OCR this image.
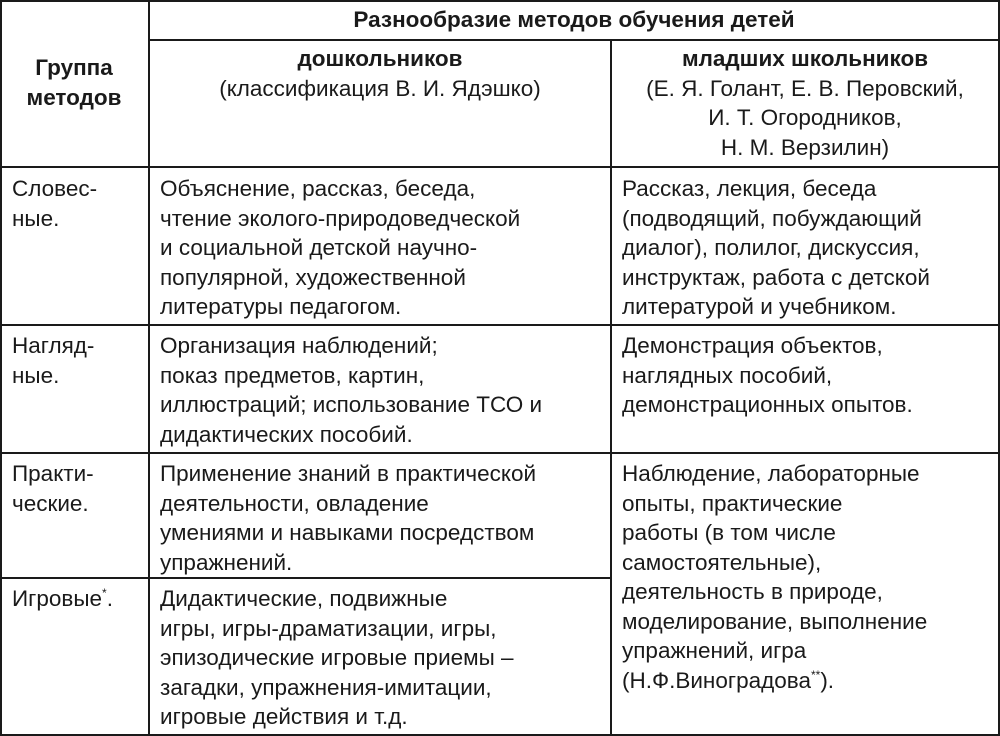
Группа
методов
Разнообразие методов обучения детей
дошкольников
(классификация В. И. Ядэшко)
младших школьников
(Е. Я. Голант, Е. В. Перовский,
И. Т. Огородников,
Н. М. Верзилин)
Словес-
ные.
Объяснение, рассказ, беседа,
чтение эколого-природоведческой
и социальной детской научно-
популярной, художественной
литературы педагогом.
Рассказ, лекция, беседа
(подводящий, побуждающий
диалог), полилог, дискуссия,
инструктаж, работа с детской
литературой и учебником.
Нагляд-
ные.
Организация наблюдений;
показ предметов, картин,
иллюстраций; использование ТСО и
дидактических пособий.
Демонстрация объектов,
наглядных пособий,
демонстрационных опытов.
Практи-
ческие.
Применение знаний в практической
деятельности, овладение
умениями и навыками посредством
упражнений.
Наблюдение, лабораторные
опыты, практические
работы (в том числе
самостоятельные),
деятельность в природе,
моделирование, выполнение
упражнений, игра
(Н.Ф.Виноградова**).
Игровые*. Дидактические, подвижные
игры, игры-драматизации, игры,
эпизодические игровые приемы –
загадки, упражнения-имитации,
игровые действия и т.д.
